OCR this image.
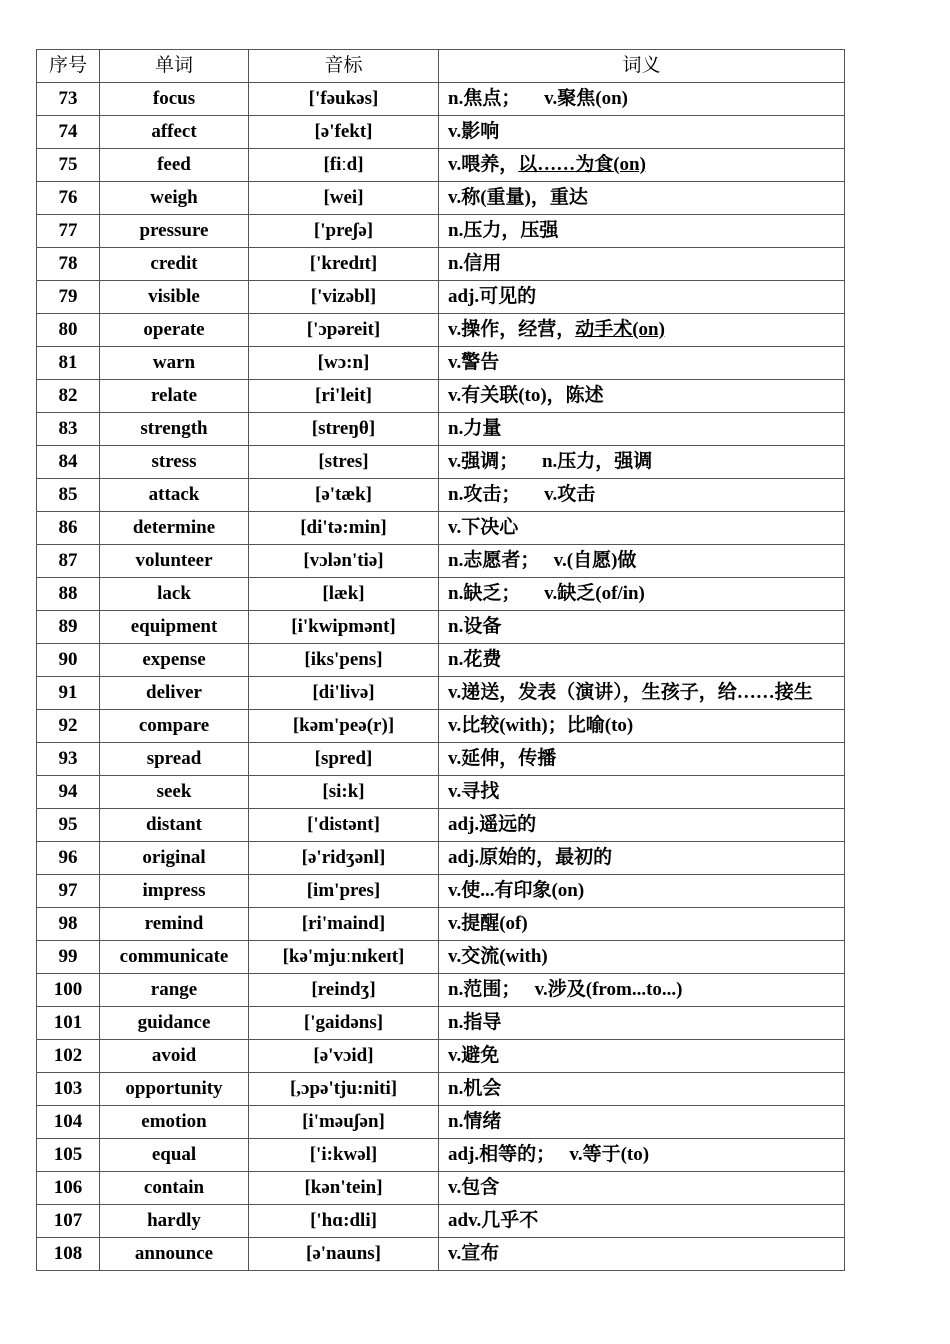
序号	单词	音标	词义
73	focus	['fəukəs]	n.焦点；     v.聚焦(on)
74	affect	[ə'fekt]	v.影响
75	feed	[fiːd]	v.喂养，以……为食(on)
76	weigh	[wei]	v.称(重量)，重达
77	pressure	['preʃə]	n.压力，压强
78	credit	['kredɪt]	n.信用
79	visible	['vizəbl]	adj.可见的
80	operate	['ɔpəreit]	v.操作，经营，动手术(on)
81	warn	[wɔ:n]	v.警告
82	relate	[ri'leit]	v.有关联(to)，陈述
83	strength	[streŋθ]	n.力量
84	stress	[stres]	v.强调；     n.压力，强调
85	attack	[ə'tæk]	n.攻击；     v.攻击
86	determine	[di'tə:min]	v.下决心
87	volunteer	[vɔlən'tiə]	n.志愿者；   v.(自愿)做
88	lack	[læk]	n.缺乏；     v.缺乏(of/in)
89	equipment	[i'kwipmənt]	n.设备
90	expense	[iks'pens]	n.花费
91	deliver	[di'livə]	v.递送，发表（演讲），生孩子，给……接生
92	compare	[kəm'peə(r)]	v.比较(with)；比喻(to)
93	spread	[spred]	v.延伸，传播
94	seek	[si:k]	v.寻找
95	distant	['distənt]	adj.遥远的
96	original	[ə'ridʒənl]	adj.原始的，最初的
97	impress	[im'pres]	v.使...有印象(on)
98	remind	[ri'maind]	v.提醒(of)
99	communicate	[kə'mjuːnɪkeɪt]	v.交流(with)
100	range	[reindʒ]	n.范围；   v.涉及(from...to...)
101	guidance	['gaidəns]	n.指导
102	avoid	[ə'vɔid]	v.避免
103	opportunity	[,ɔpə'tju:niti]	n.机会
104	emotion	[i'məuʃən]	n.情绪
105	equal	['i:kwəl]	adj.相等的；   v.等于(to)
106	contain	[kən'tein]	v.包含
107	hardly	['hɑ:dli]	adv.几乎不
108	announce	[ə'nauns]	v.宣布
